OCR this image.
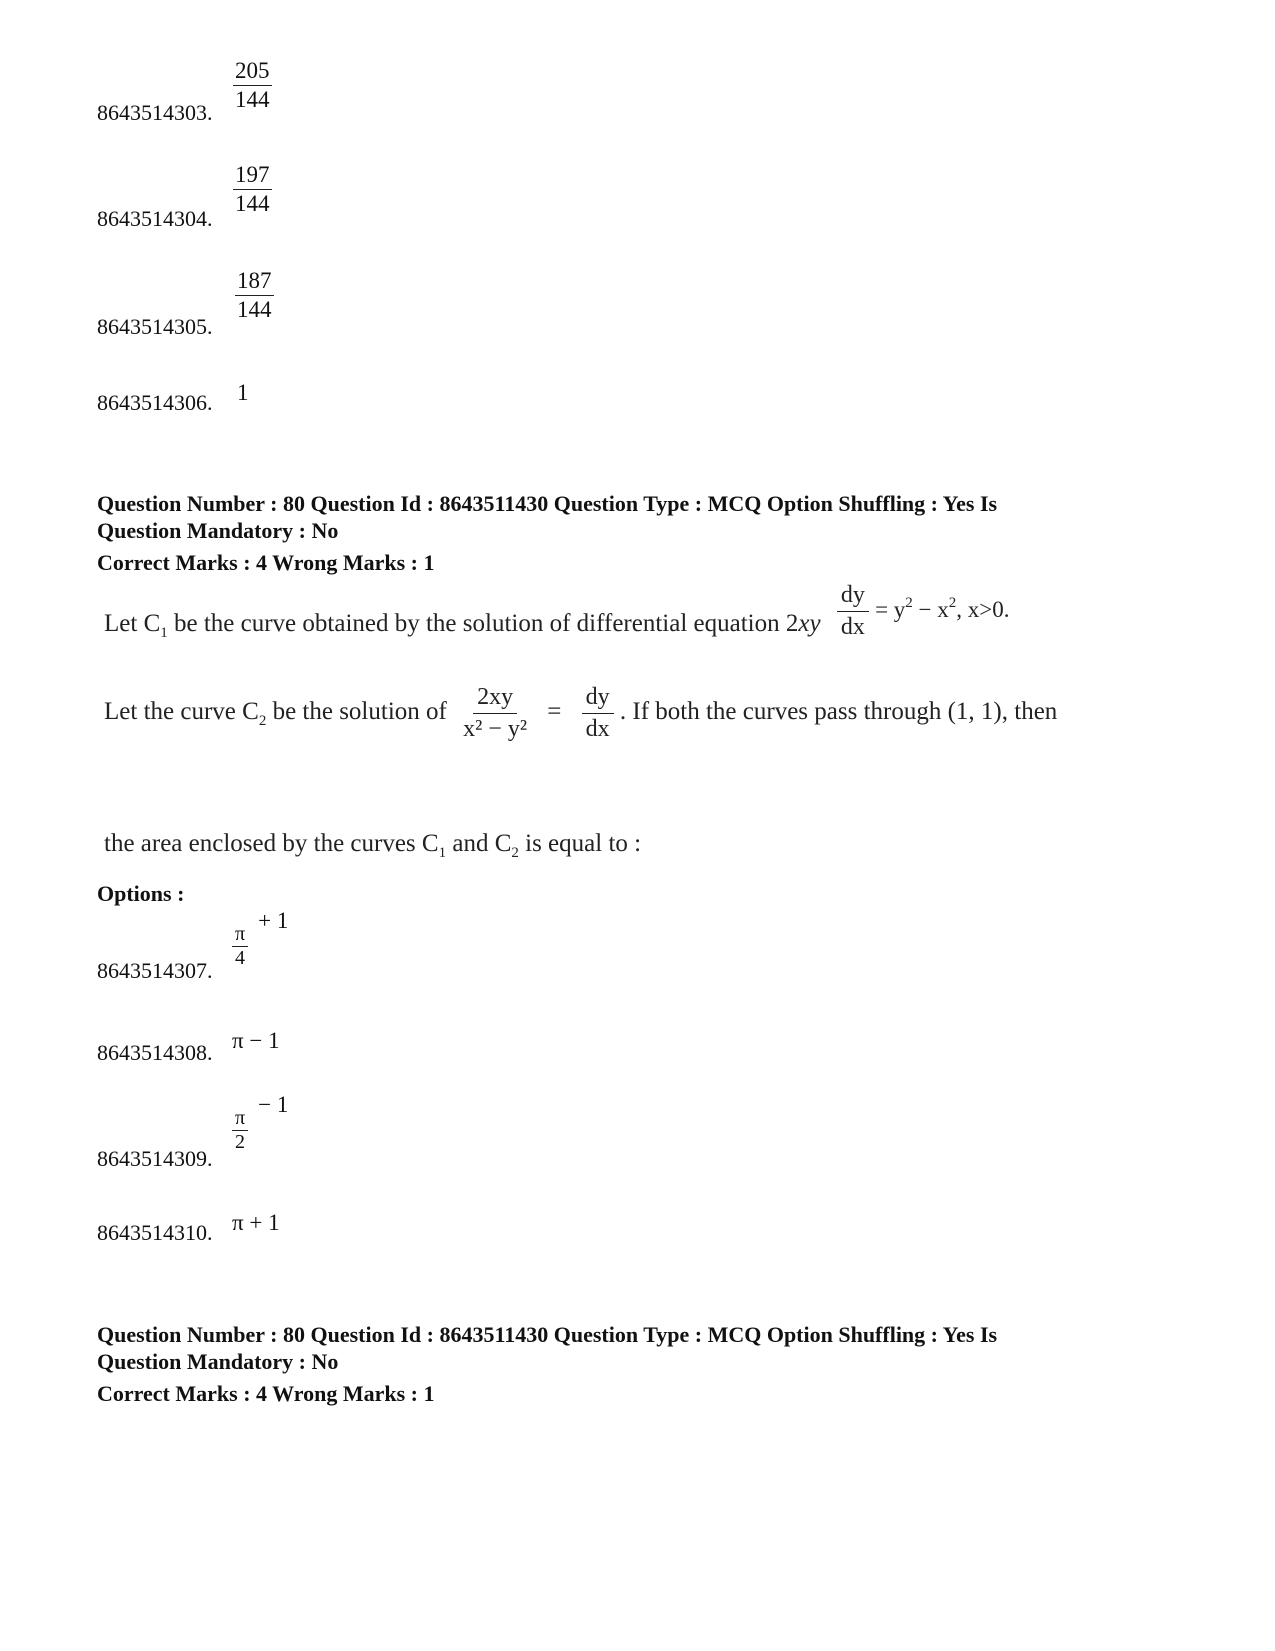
$\frac{205}{144}$
8643514303.
$\frac{197}{144}$
8643514304.
$\frac{187}{144}$
8643514305.
1
8643514306.
Question Number : 80 Question Id : 8643511430 Question Type : MCQ Option Shuffling : Yes Is
Question Mandatory : No
Correct Marks : 4 Wrong Marks : 1
Let $C_1$ be the curve obtained by the solution of differential equation $2xy \frac{dy}{dx} = y^2 - x^2$, x>0.
Let the curve $C_2$ be the solution of $\frac{2xy}{\text{x² − y²}} = \frac{dy}{dx}$ . If both the curves pass through (1, 1), then
the area enclosed by the curves $C_1$ and $C_2$ is equal to :
Options :
$\frac{\pi}{4}$
+ 1
8643514307.
π − 1
8643514308.
$\frac{\pi}{2}$
− 1
8643514309.
π + 1
8643514310.
Question Number : 80 Question Id : 8643511430 Question Type : MCQ Option Shuffling : Yes Is
Question Mandatory : No
Correct Marks : 4 Wrong Marks : 1
